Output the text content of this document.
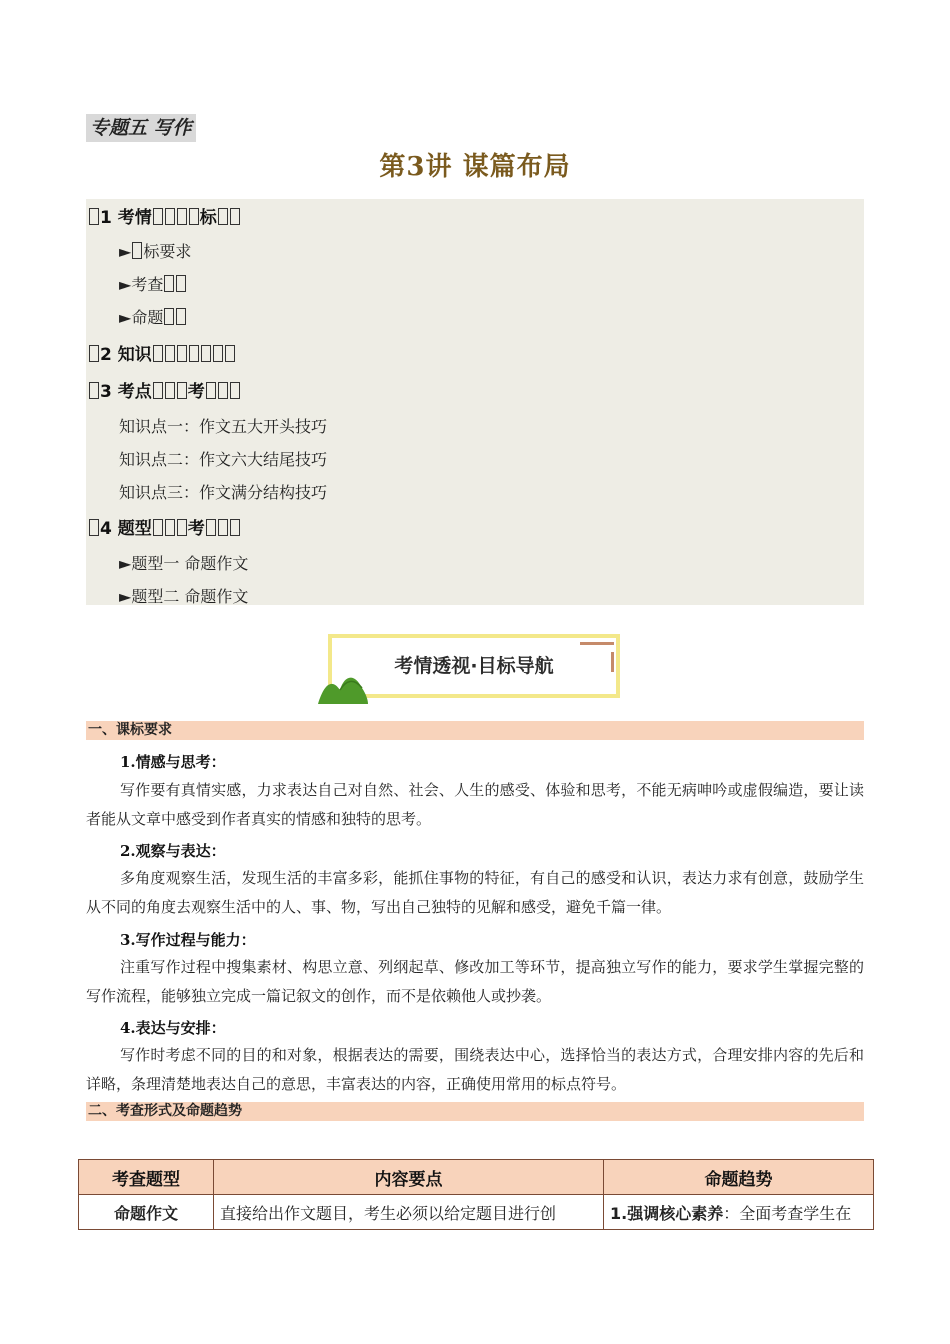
专题五 写作
第3讲 谋篇布局
1 考情	标
► 标要求
►考查
►命题
2 知识
3 考点 考
知识点一：作文五大开头技巧
知识点二：作文六大结尾技巧
知识点三：作文满分结构技巧
4 题型 考
►题型一 命题作文
►题型二 命题作文
考情透视·目标导航
一、课标要求
1.情感与思考：
写作要有真情实感，力求表达自己对自然、社会、人生的感受、体验和思考，不能无病呻吟或虚假编造，要让读者能从文章中感受到作者真实的情感和独特的思考。
2.观察与表达：
多角度观察生活，发现生活的丰富多彩，能抓住事物的特征，有自己的感受和认识，表达力求有创意，鼓励学生从不同的角度去观察生活中的人、事、物，写出自己独特的见解和感受，避免千篇一律。
3.写作过程与能力：
注重写作过程中搜集素材、构思立意、列纲起草、修改加工等环节，提高独立写作的能力，要求学生掌握完整的写作流程，能够独立完成一篇记叙文的创作，而不是依赖他人或抄袭。
4.表达与安排：
写作时考虑不同的目的和对象，根据表达的需要，围绕表达中心，选择恰当的表达方式，合理安排内容的先后和详略，条理清楚地表达自己的意思，丰富表达的内容，正确使用常用的标点符号。
二、考查形式及命题趋势
考查题型	内容要点	命题趋势
命题作文	直接给出作文题目，考生必须以给定题目进行创	1.强调核心素养：全面考查学生在
